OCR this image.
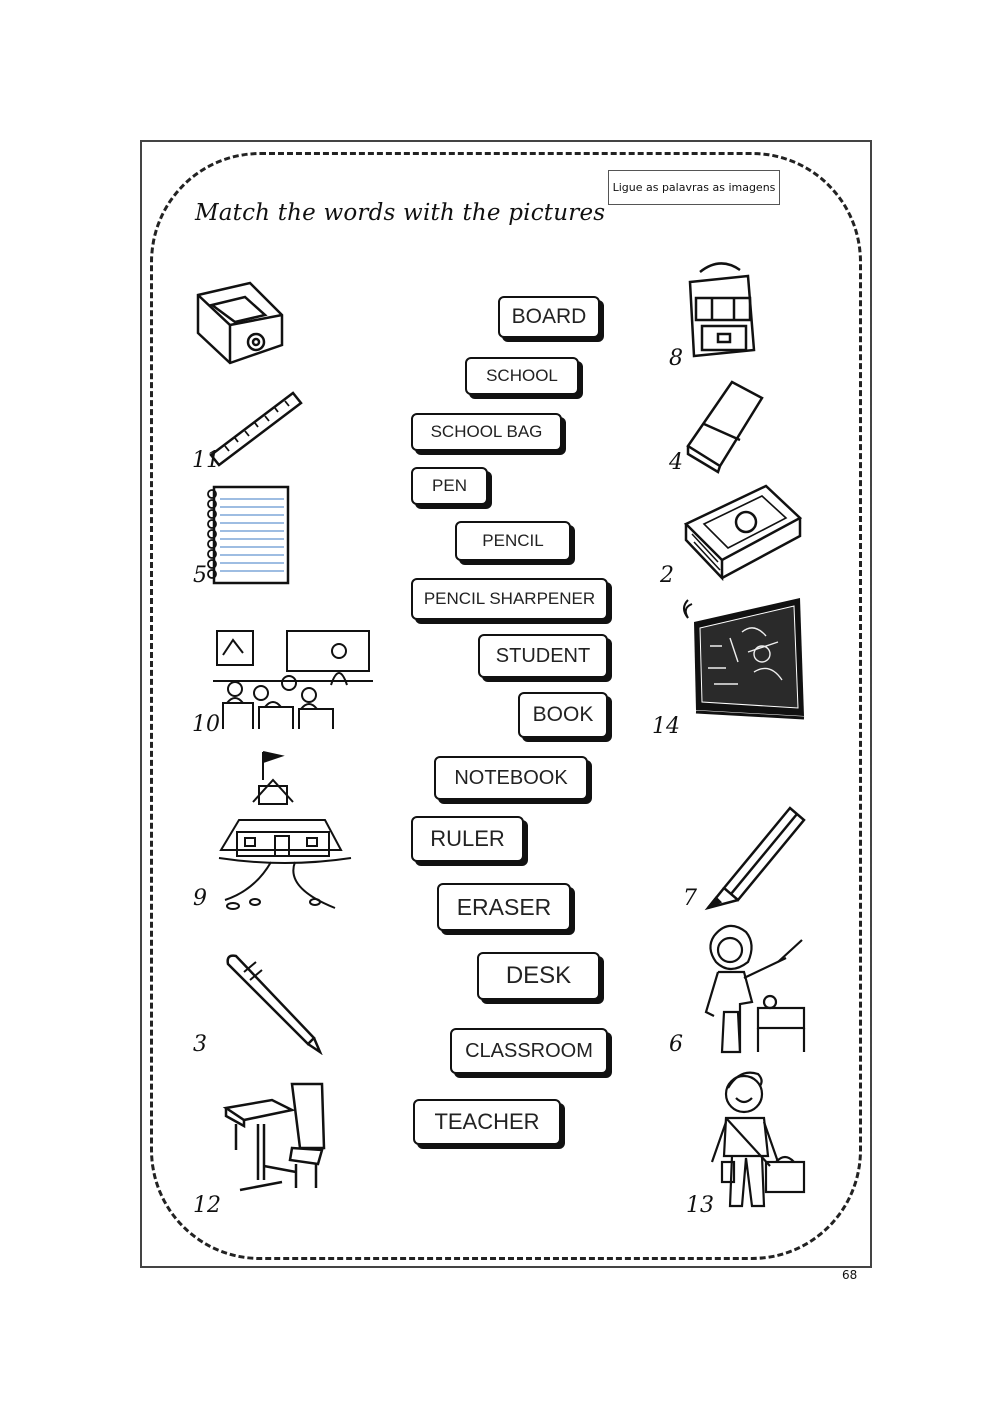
Ligue as palavras as imagens
Match the words with the pictures
BOARD
SCHOOL
SCHOOL BAG
PEN
PENCIL
PENCIL SHARPENER
STUDENT
BOOK
NOTEBOOK
RULER
ERASER
DESK
CLASSROOM
TEACHER
11
5
10
9
3
12
8
4
2
14
7
6
13
68
